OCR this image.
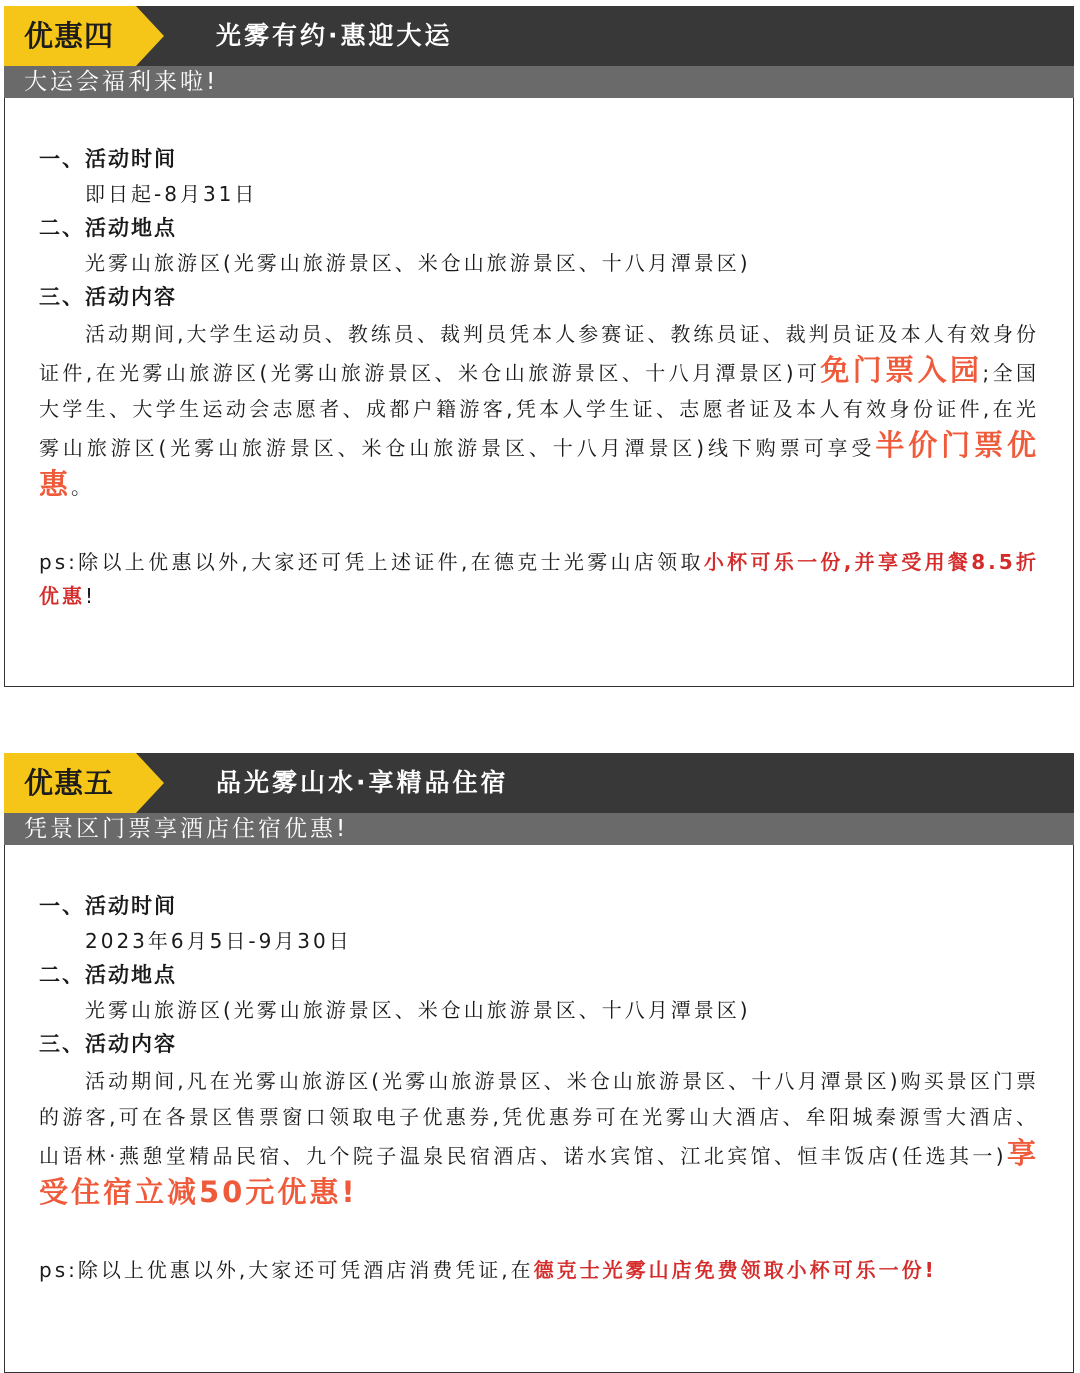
优惠四	光雾有约·惠迎大运
大运会福利来啦!
一、活动时间
即日起-8月31日
二、活动地点
光雾山旅游区(光雾山旅游景区、米仓山旅游景区、十八月潭景区)
三、活动内容
活动期间,大学生运动员、教练员、裁判员凭本人参赛证、教练员证、裁判员证及本人有效身份证件,在光雾山旅游区(光雾山旅游景区、米仓山旅游景区、十八月潭景区)可免门票入园;全国大学生、大学生运动会志愿者、成都户籍游客,凭本人学生证、志愿者证及本人有效身份证件,在光雾山旅游区(光雾山旅游景区、米仓山旅游景区、十八月潭景区)线下购票可享受半价门票优惠。
ps:除以上优惠以外,大家还可凭上述证件,在德克士光雾山店领取小杯可乐一份,并享受用餐8.5折优惠!
优惠五	品光雾山水·享精品住宿
凭景区门票享酒店住宿优惠!
一、活动时间
2023年6月5日-9月30日
二、活动地点
光雾山旅游区(光雾山旅游景区、米仓山旅游景区、十八月潭景区)
三、活动内容
活动期间,凡在光雾山旅游区(光雾山旅游景区、米仓山旅游景区、十八月潭景区)购买景区门票的游客,可在各景区售票窗口领取电子优惠券,凭优惠券可在光雾山大酒店、牟阳城秦源雪大酒店、山语林·燕憩堂精品民宿、九个院子温泉民宿酒店、诺水宾馆、江北宾馆、恒丰饭店(任选其一)享受住宿立减50元优惠!
ps:除以上优惠以外,大家还可凭酒店消费凭证,在德克士光雾山店免费领取小杯可乐一份!
